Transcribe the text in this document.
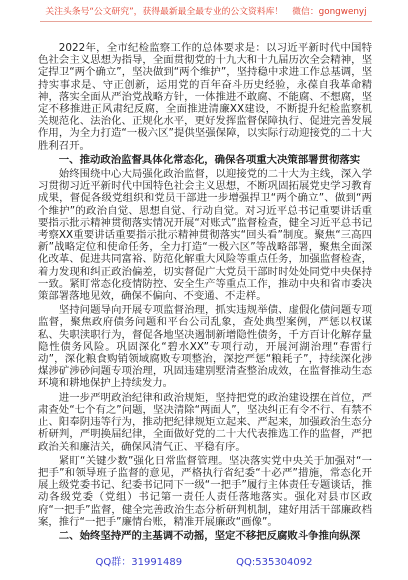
关注头条号“公文研究”，获得最新最全最专业的公文资料库！ 微信：gongwenyj

2022年，全市纪检监察工作的总体要求是：以习近平新时代中国特色社会主义思想为指导，全面贯彻党的十九大和十九届历次全会精神，坚定捍卫“两个确立”，坚决做到“两个维护”，坚持稳中求进工作总基调，坚持实事求是、守正创新，运用党的百年奋斗历史经验，永葆自我革命精神，落实全面从严治党战略方针，一体推进不敢腐、不能腐、不想腐，坚定不移推进正风肃纪反腐，全面推进清廉XX建设，不断提升纪检监察机关规范化、法治化、正规化水平，更好发挥监督保障执行、促进完善发展作用，为全力打造“一极六区”提供坚强保障，以实际行动迎接党的二十大胜利召开。

一、推动政治监督具体化常态化，确保各项重大决策部署贯彻落实

始终围绕中心大局强化政治监督，以迎接党的二十大为主线，深入学习贯彻习近平新时代中国特色社会主义思想，不断巩固拓展党史学习教育成果，督促各级党组织和党员干部进一步增强捍卫“两个确立”、做到“两个维护”的政治自觉、思想自觉、行动自觉。对习近平总书记重要讲话重要指示批示精神贯彻落实情况开展“对账式”监督检查，健全习近平总书记考察XX重要讲话重要指示批示精神贯彻落实“回头看”制度。聚焦“三高四新”战略定位和使命任务，全力打造“一极六区”等战略部署，聚焦全面深化改革、促进共同富裕、防范化解重大风险等重点任务，加强监督检查，着力发现和纠正政治偏差，切实督促广大党员干部时时处处同党中央保持一致。紧盯常态化疫情防控、安全生产等重点工作，推动中央和省市委决策部署落地见效，确保不偏向、不变通、不走样。

坚持问题导向开展专项监督治理，抓实违规举债、虚假化债问题专项监督，聚焦政府债务问题和平台公司乱象，查处典型案例，严惩以权谋私、失职渎职行为，督促各地坚决遏制新增隐性债务，千方百计化解存量隐性债务风险。巩固深化“碧水XX”专项行动，开展河湖治理“春雷行动”，深化粮食购销领域腐败专项整治，深挖严惩“粮耗子”，持续深化涉煤涉矿涉砂问题专项治理，巩固违建别墅清查整治成效，在监督推动生态环境和耕地保护上持续发力。

进一步严明政治纪律和政治规矩，坚持把党的政治建设摆在首位，严肃查处“七个有之”问题，坚决清除“两面人”，坚决纠正有令不行、有禁不止、阳奉阴违等行为，推动把纪律规矩立起来、严起来，加强政治生态分析研判，严明换届纪律，全面做好党的二十大代表推选工作的监督，严把政治关和廉洁关，确保风清气正、平稳有序。

紧盯“关键少数”强化日常监督管理。坚决落实党中央关于加强对“一把手”和领导班子监督的意见，严格执行省纪委“十必严”措施，常态化开展上级党委书记、纪委书记同下一级“一把手”履行主体责任专题谈话，推动各级党委（党组）书记第一责任人责任落地落实。强化对县市区政府“一把手”监督，健全完善政治生态分析研判机制，建好用活干部廉政档案，推行“一把手”廉情台账，精准开展廉政“画像”。

二、始终坚持严的主基调不动摇，坚定不移把反腐败斗争推向纵深

QQ群：31991489	QQ:535304092
